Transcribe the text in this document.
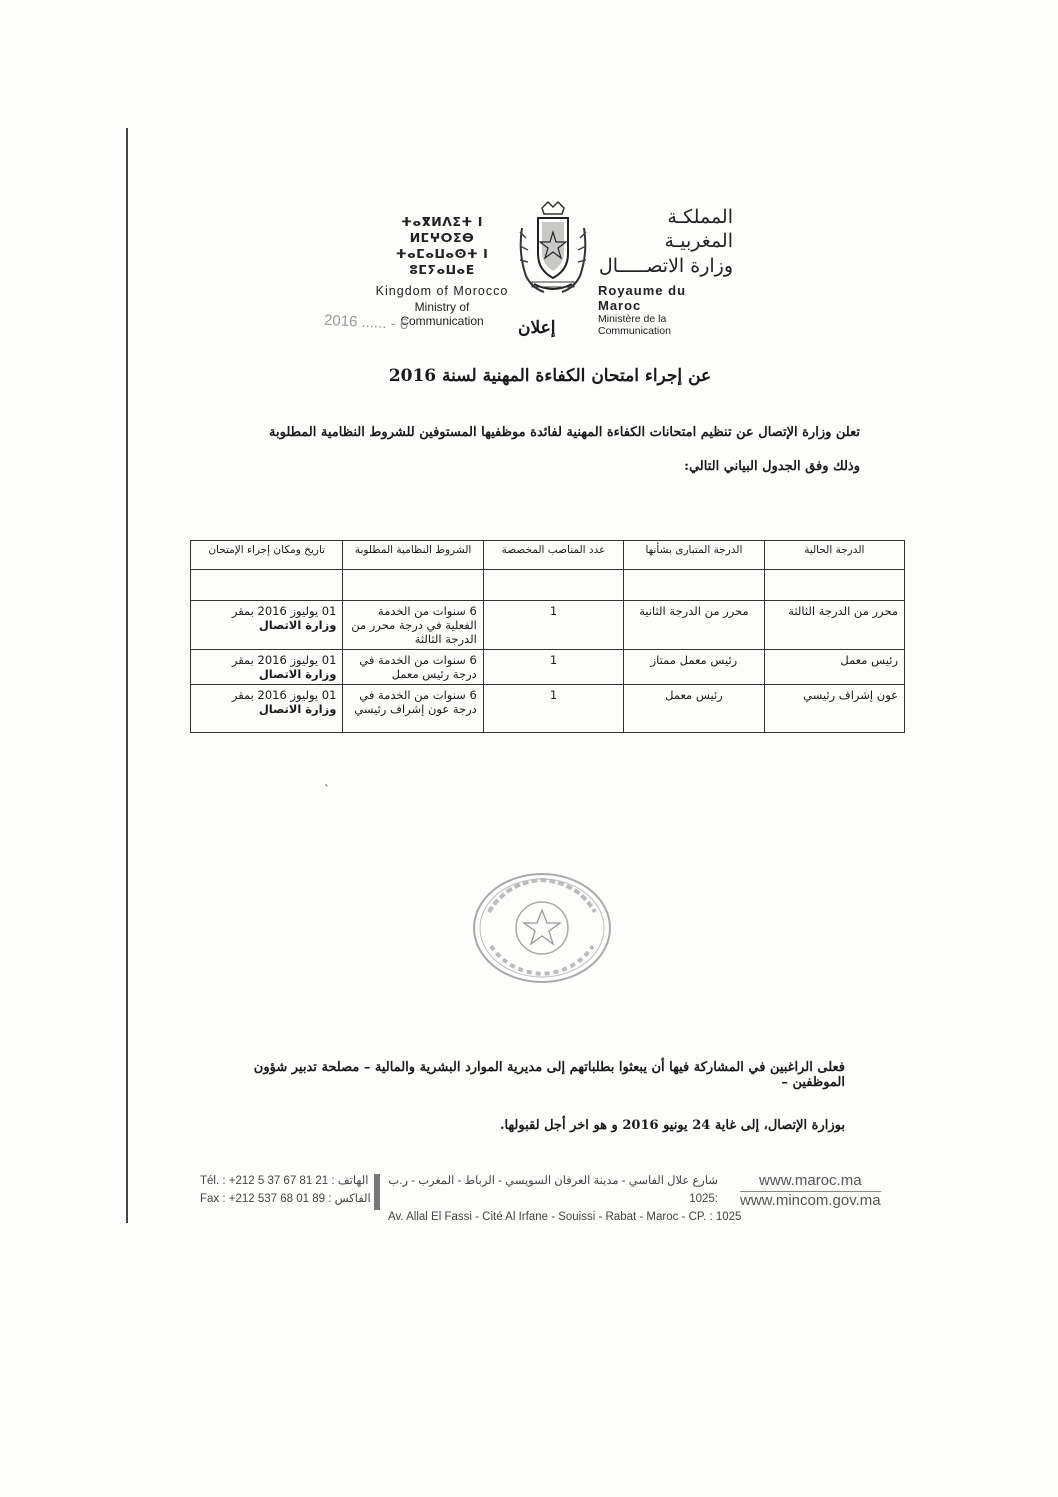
ⵜⴰⴳⵍⴷⵉⵜ ⵏ ⵍⵎⵖⵔⵉⴱ
ⵜⴰⵎⴰⵡⴰⵙⵜ ⵏ ⵓⵎⵢⴰⵡⴰⴹ
Kingdom of Morocco
Ministry of Communication
المملكـة المغربيـة
وزارة الاتصـــــال
Royaume du Maroc
Ministère de la Communication
2016 ...... - 6	إعلان
عن إجراء امتحان الكفاءة المهنية لسنة 2016
تعلن وزارة الإتصال عن تنظيم امتحانات الكفاءة المهنية لفائدة موظفيها المستوفين للشروط النظامية المطلوبة وذلك وفق الجدول البياني التالي:
الدرجة الحالية	الدرجة المتبارى بشأنها	عدد المناصب المخصصة	الشروط النظامية المطلوبة	تاريخ ومكان إجراء الإمتحان

محرر من الدرجة الثالثة	محرر من الدرجة الثانية	1	6 سنوات من الخدمة الفعلية في درجة محرر من الدرجة الثالثة	01 يوليوز 2016 بمقر
وزارة الاتصال

رئيس معمل	رئيس معمل ممتاز	1	6 سنوات من الخدمة في درجة رئيس معمل	01 يوليوز 2016 بمقر
وزارة الاتصال

عون إشراف رئيسي	رئيس معمل	1	6 سنوات من الخدمة في درجة عون إشراف رئيسي	01 يوليوز 2016 بمقر
وزارة الاتصال
ˋ

فعلى الراغبين في المشاركة فيها أن يبعثوا بطلباتهم إلى مديرية الموارد البشرية والمالية – مصلحة تدبير شؤون الموظفين –

بوزارة الإتصال، إلى غاية 24 يونيو 2016 و هو اخر أجل لقبولها.

Tél. : +212 5 37 67 81 21 : الهاتف
Fax : +212 537 68 01 89 : الفاكس
شارع علال الفاسي - مدينة العرفان السويسي - الرباط - المغرب - ر.ب :1025
Av. Allal El Fassi - Cité Al Irfane - Souissi - Rabat - Maroc - CP. : 1025
www.maroc.ma
www.mincom.gov.ma
